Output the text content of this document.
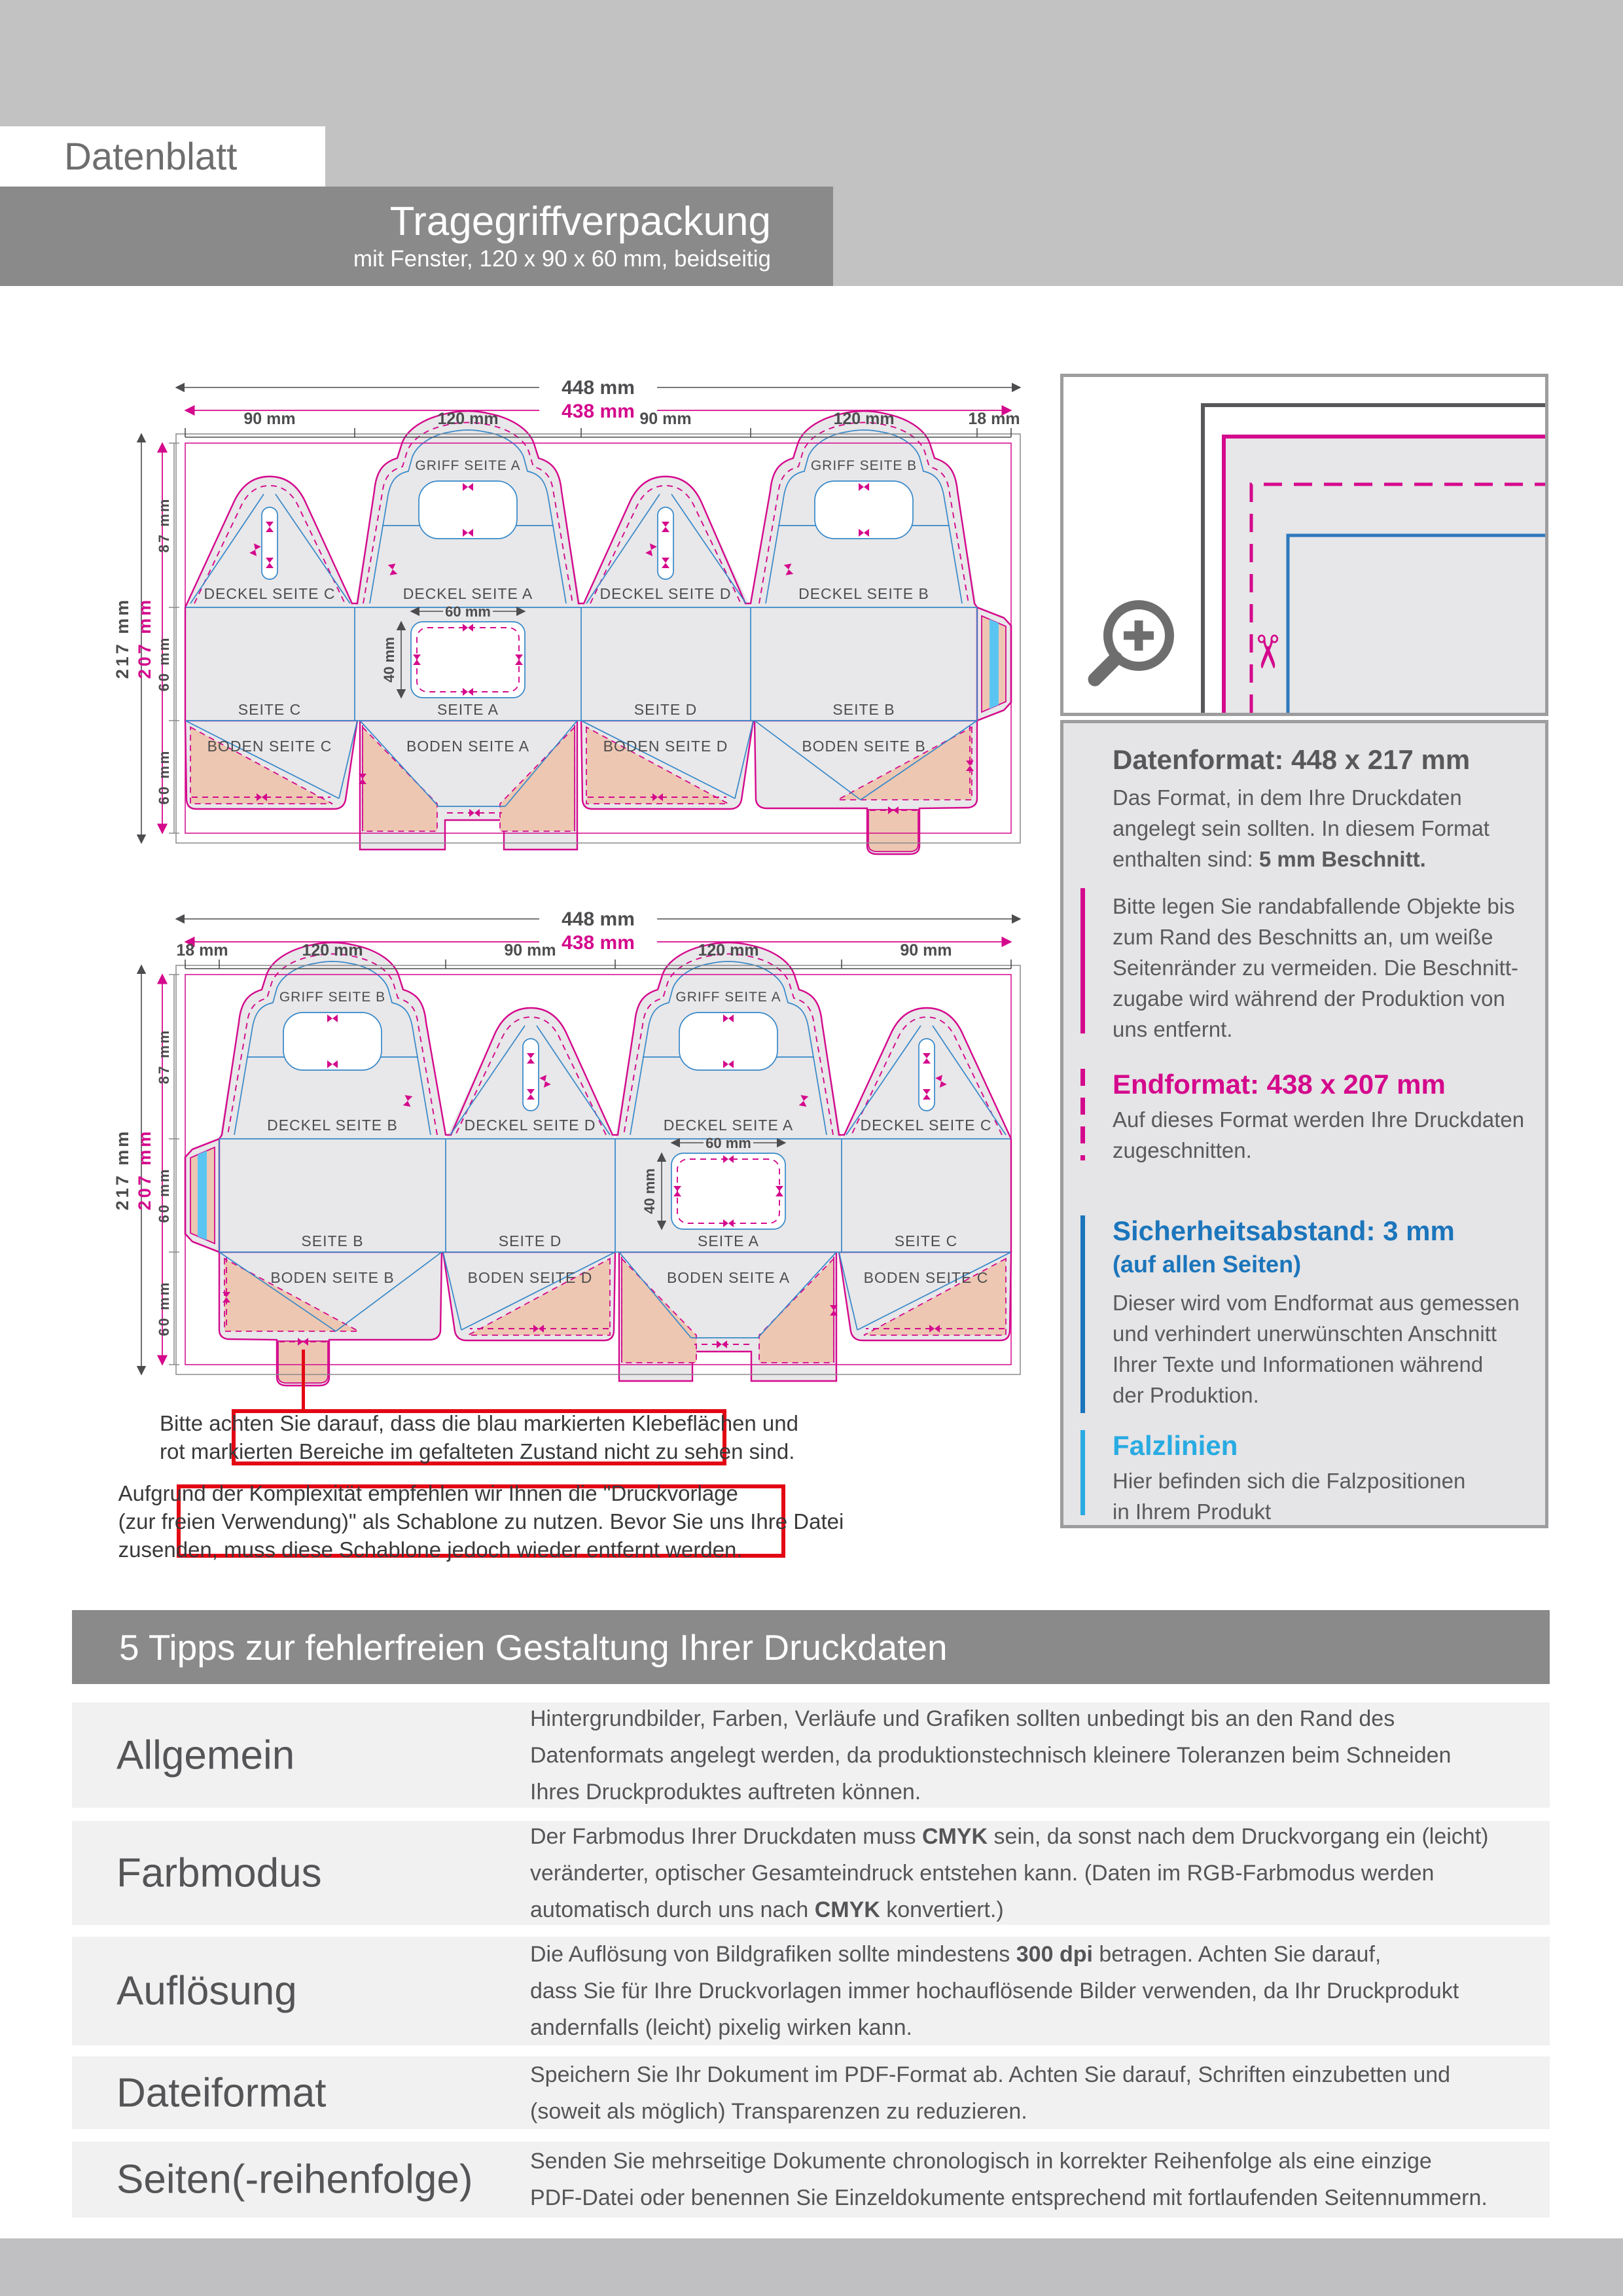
Datenblatt
Tragegriffverpackung
mit Fenster, 120 x 90 x 60 mm, beidseitig
448 mm
438 mm
90 mm	120 mm	90 mm	120 mm	18 mm
217 mm 207 mm
87 mm
60 mm
60 mm
60 mm
40 mm
GRIFF SEITE A	GRIFF SEITE B
DECKEL SEITE C	DECKEL SEITE A	DECKEL SEITE D	DECKEL SEITE B
SEITE C	SEITE A	SEITE D	SEITE B
BODEN SEITE C	BODEN SEITE A	BODEN SEITE D	BODEN SEITE B
448 mm
438 mm
18 mm	120 mm	90 mm	120 mm	90 mm
217 mm 207 mm
87 mm
60 mm
60 mm
60 mm
40 mm
GRIFF SEITE B	GRIFF SEITE A
DECKEL SEITE B	DECKEL SEITE D	DECKEL SEITE A	DECKEL SEITE C
SEITE B	SEITE D	SEITE A	SEITE C
BODEN SEITE B	BODEN SEITE D	BODEN SEITE A	BODEN SEITE C
Bitte achten Sie darauf, dass die blau markierten Klebeflächen und
rot markierten Bereiche im gefalteten Zustand nicht zu sehen sind.
Aufgrund der Komplexität empfehlen wir Ihnen die "Druckvorlage
(zur freien Verwendung)" als Schablone zu nutzen. Bevor Sie uns Ihre Datei
zusenden, muss diese Schablone jedoch wieder entfernt werden.
✂
Datenformat: 448 x 217 mm
Das Format, in dem Ihre Druckdaten
angelegt sein sollten. In diesem Format
enthalten sind: 5 mm Beschnitt.
Bitte legen Sie randabfallende Objekte bis
zum Rand des Beschnitts an, um weiße
Seitenränder zu vermeiden. Die Beschnitt-
zugabe wird während der Produktion von
uns entfernt.
Endformat: 438 x 207 mm
Auf dieses Format werden Ihre Druckdaten
zugeschnitten.
Sicherheitsabstand: 3 mm
(auf allen Seiten)
Dieser wird vom Endformat aus gemessen
und verhindert unerwünschten Anschnitt
Ihrer Texte und Informationen während
der Produktion.
Falzlinien
Hier befinden sich die Falzpositionen
in Ihrem Produkt
5 Tipps zur fehlerfreien Gestaltung Ihrer Druckdaten
Allgemein
Hintergrundbilder, Farben, Verläufe und Grafiken sollten unbedingt bis an den Rand des
Datenformats angelegt werden, da produktionstechnisch kleinere Toleranzen beim Schneiden
Ihres Druckproduktes auftreten können.
Farbmodus
Der Farbmodus Ihrer Druckdaten muss CMYK sein, da sonst nach dem Druckvorgang ein (leicht)
veränderter, optischer Gesamteindruck entstehen kann. (Daten im RGB-Farbmodus werden
automatisch durch uns nach CMYK konvertiert.)
Auflösung
Die Auflösung von Bildgrafiken sollte mindestens 300 dpi betragen. Achten Sie darauf,
dass Sie für Ihre Druckvorlagen immer hochauflösende Bilder verwenden, da Ihr Druckprodukt
andernfalls (leicht) pixelig wirken kann.
Dateiformat	Speichern Sie Ihr Dokument im PDF-Format ab. Achten Sie darauf, Schriften einzubetten und
(soweit als möglich) Transparenzen zu reduzieren.
Seiten(-reihenfolge)	Senden Sie mehrseitige Dokumente chronologisch in korrekter Reihenfolge als eine einzige
PDF-Datei oder benennen Sie Einzeldokumente entsprechend mit fortlaufenden Seitennummern.
